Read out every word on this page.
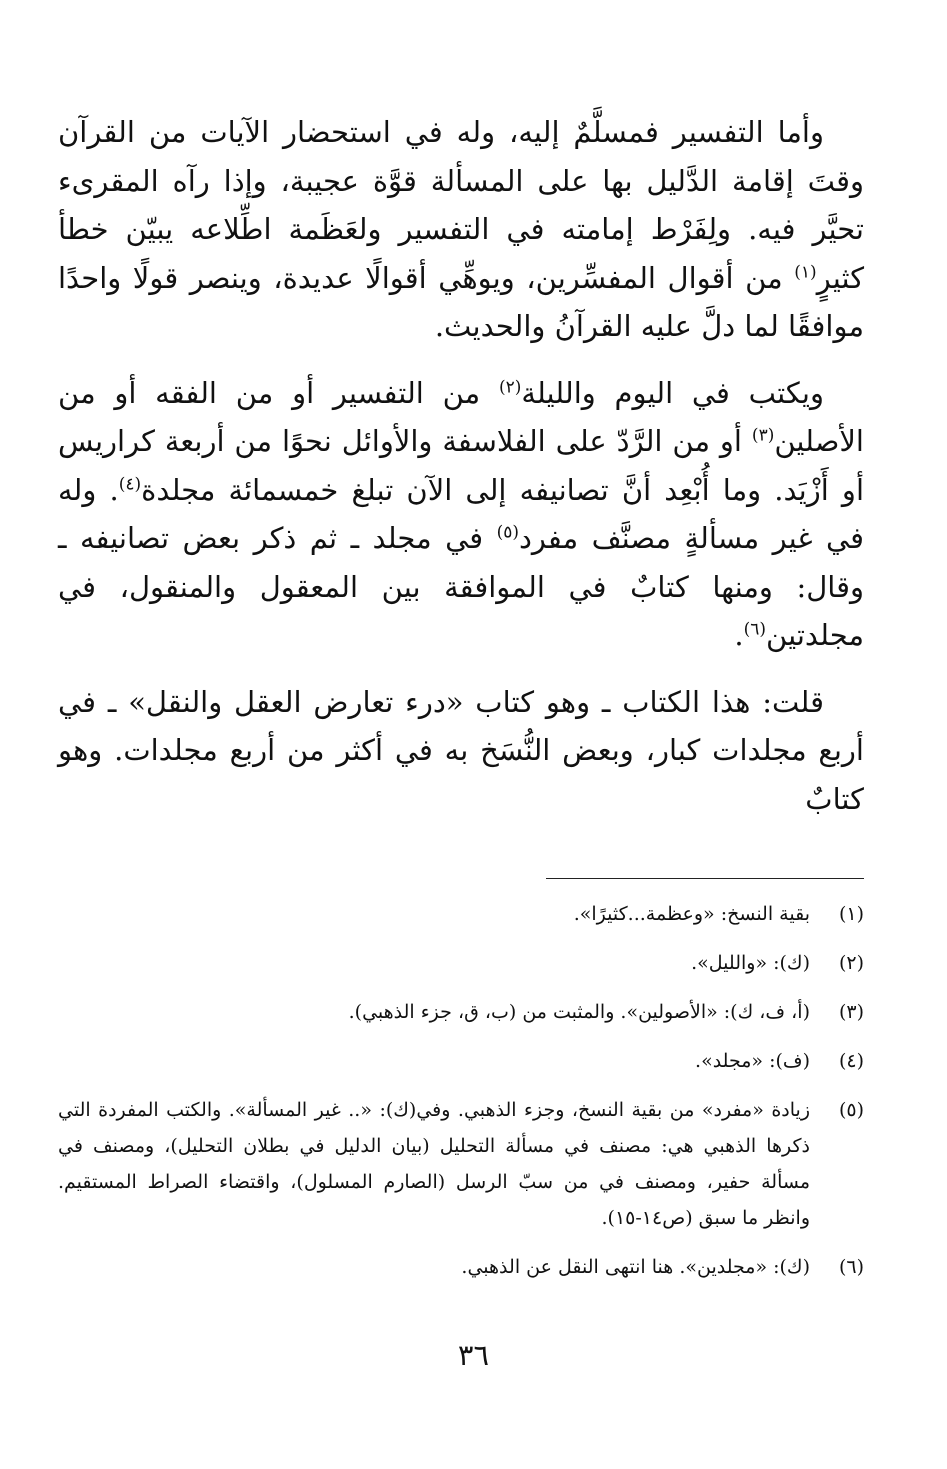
وأما التفسير فمسلَّمٌ إليه، وله في استحضار الآيات من القرآن وقتَ إقامة الدَّليل بها على المسألة قوَّة عجيبة، وإذا رآه المقرىء تحيَّر فيه. ولِفَرْط إمامته في التفسير ولعَظَمة اطِّلاعه يبيّن خطأ كثيرٍ$^{(١)}$ من أقوال المفسِّرين، ويوهِّي أقوالًا عديدة، وينصر قولًا واحدًا موافقًا لما دلَّ عليه القرآنُ والحديث.

ويكتب في اليوم والليلة$^{(٢)}$ من التفسير أو من الفقه أو من الأصلين$^{(٣)}$ أو من الرَّدّ على الفلاسفة والأوائل نحوًا من أربعة كراريس أو أَزْيَد. وما أُبْعِد أنَّ تصانيفه إلى الآن تبلغ خمسمائة مجلدة$^{(٤)}$. وله في غير مسألةٍ مصنَّف مفرد$^{(٥)}$ في مجلد ـ ثم ذكر بعض تصانيفه ـ وقال: ومنها كتابٌ في الموافقة بين المعقول والمنقول، في مجلدتين$^{(٦)}$.

قلت: هذا الكتاب ـ وهو كتاب «درء تعارض العقل والنقل» ـ في أربع مجلدات كبار، وبعض النُّسَخ به في أكثر من أربع مجلدات. وهو كتابٌ

(١)
بقية النسخ: «وعظمة...كثيرًا».
(٢)
(ك): «والليل».
(٣)
(أ، ف، ك): «الأصولين». والمثبت من (ب، ق، جزء الذهبي).
(٤)
(ف): «مجلد».
(٥)
زيادة «مفرد» من بقية النسخ، وجزء الذهبي. وفي(ك): «.. غير المسألة». والكتب المفردة التي ذكرها الذهبي هي: مصنف في مسألة التحليل (بيان الدليل في بطلان التحليل)، ومصنف في مسألة حفير، ومصنف في من سبّ الرسل (الصارم المسلول)، واقتضاء الصراط المستقيم. وانظر ما سبق (ص١٤-١٥).
(٦)
(ك): «مجلدين». هنا انتهى النقل عن الذهبي.
٣٦
